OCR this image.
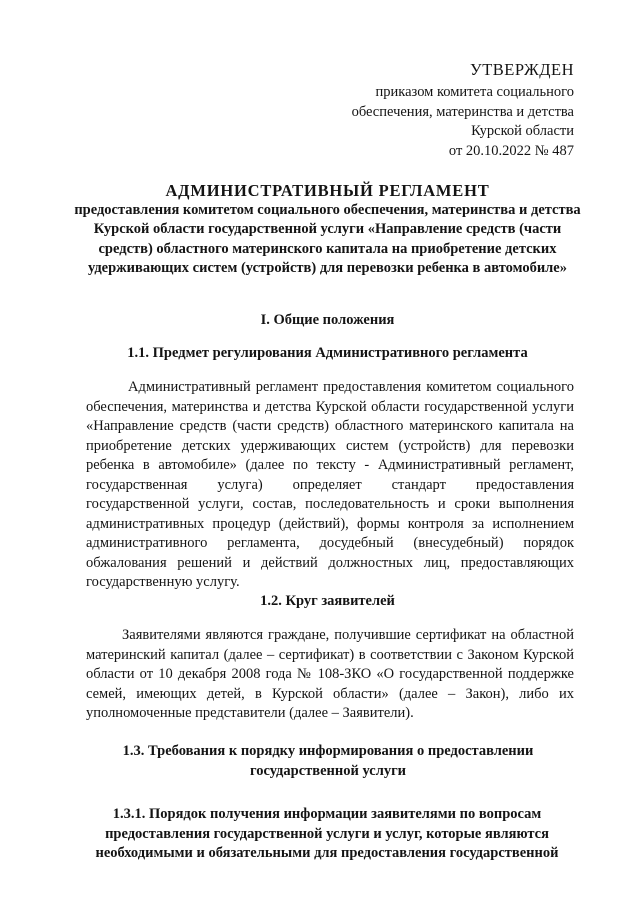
УТВЕРЖДЕН
приказом комитета социального
обеспечения, материнства и детства
Курской области
от 20.10.2022 № 487
АДМИНИСТРАТИВНЫЙ РЕГЛАМЕНТ
предоставления комитетом социального обеспечения, материнства и детства Курской области государственной услуги «Направление средств (части средств) областного материнского капитала на приобретение детских удерживающих систем (устройств) для перевозки ребенка в автомобиле»
I. Общие положения
1.1. Предмет регулирования Административного регламента
Административный регламент предоставления комитетом социального обеспечения, материнства и детства Курской области государственной услуги «Направление средств (части средств) областного материнского капитала на приобретение детских удерживающих систем (устройств) для перевозки ребенка в автомобиле» (далее по тексту - Административный регламент, государственная услуга) определяет стандарт предоставления государственной услуги, состав, последовательность и сроки выполнения административных процедур (действий), формы контроля за исполнением административного регламента, досудебный (внесудебный) порядок обжалования решений и действий должностных лиц, предоставляющих государственную услугу.
1.2. Круг заявителей
Заявителями являются граждане, получившие сертификат на областной материнский капитал (далее – сертификат) в соответствии с Законом Курской области от 10 декабря 2008 года № 108-ЗКО «О государственной поддержке семей, имеющих детей, в Курской области» (далее – Закон), либо их уполномоченные представители (далее – Заявители).
1.3. Требования к порядку информирования о предоставлении государственной услуги
1.3.1. Порядок получения информации заявителями по вопросам предоставления государственной услуги и услуг, которые являются необходимыми и обязательными для предоставления государственной
